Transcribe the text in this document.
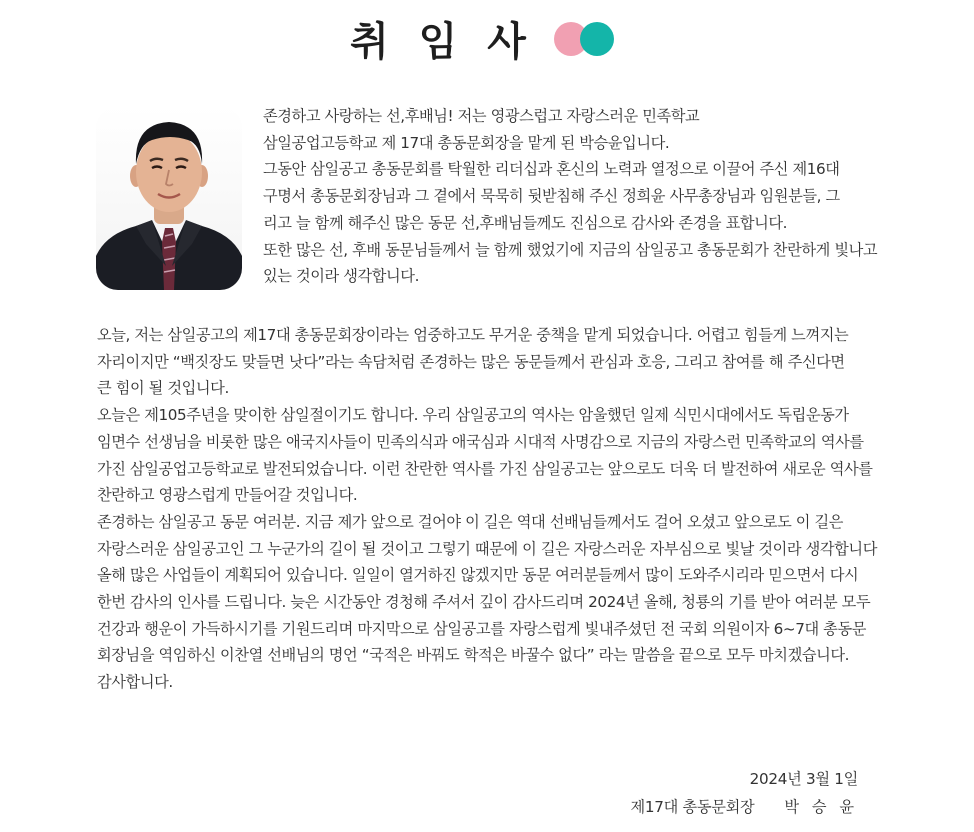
취 임 사
존경하고 사랑하는 선,후배님! 저는 영광스럽고 자랑스러운 민족학교
삼일공업고등학교 제 17대 총동문회장을 맡게 된 박승윤입니다.
그동안 삼일공고 총동문회를 탁월한 리더십과 혼신의 노력과 열정으로 이끌어 주신 제16대
구명서 총동문회장님과 그 곁에서 묵묵히 뒷받침해 주신 정희윤 사무총장님과 임원분들, 그
리고 늘 함께 해주신 많은 동문 선,후배님들께도 진심으로 감사와 존경을 표합니다.
또한 많은 선, 후배 동문님들께서 늘 함께 했었기에 지금의 삼일공고 총동문회가 찬란하게 빛나고
있는 것이라 생각합니다.
오늘, 저는 삼일공고의 제17대 총동문회장이라는 엄중하고도 무거운 중책을 맡게 되었습니다. 어렵고 힘들게 느껴지는
자리이지만 “백짓장도 맞들면 낫다”라는 속담처럼 존경하는 많은 동문들께서 관심과 호응, 그리고 참여를 해 주신다면
큰 힘이 될 것입니다.
오늘은 제105주년을 맞이한 삼일절이기도 합니다. 우리 삼일공고의 역사는 암울했던 일제 식민시대에서도 독립운동가
임면수 선생님을 비롯한 많은 애국지사들이 민족의식과 애국심과 시대적 사명감으로 지금의 자랑스런 민족학교의 역사를
가진 삼일공업고등학교로 발전되었습니다. 이런 찬란한 역사를 가진 삼일공고는 앞으로도 더욱 더 발전하여 새로운 역사를
찬란하고 영광스럽게 만들어갈 것입니다.
존경하는 삼일공고 동문 여러분. 지금 제가 앞으로 걸어야 이 길은 역대 선배님들께서도 걸어 오셨고 앞으로도 이 길은
자랑스러운 삼일공고인 그 누군가의 길이 될 것이고 그렇기 때문에 이 길은 자랑스러운 자부심으로 빛날 것이라 생각합니다
올해 많은 사업들이 계획되어 있습니다. 일일이 열거하진 않겠지만 동문 여러분들께서 많이 도와주시리라 믿으면서 다시
한번 감사의 인사를 드립니다. 늦은 시간동안 경청해 주셔서 깊이 감사드리며 2024년 올해, 청룡의 기를 받아 여러분 모두
건강과 행운이 가득하시기를 기원드리며 마지막으로 삼일공고를 자랑스럽게 빛내주셨던 전 국회 의원이자 6~7대 총동문
회장님을 역임하신 이찬열 선배님의 명언 “국적은 바꿔도 학적은 바꿀수 없다” 라는 말씀을 끝으로 모두 마치겠습니다.
감사합니다.
2024년 3월 1일
제17대 총동문회장 박 승 윤
